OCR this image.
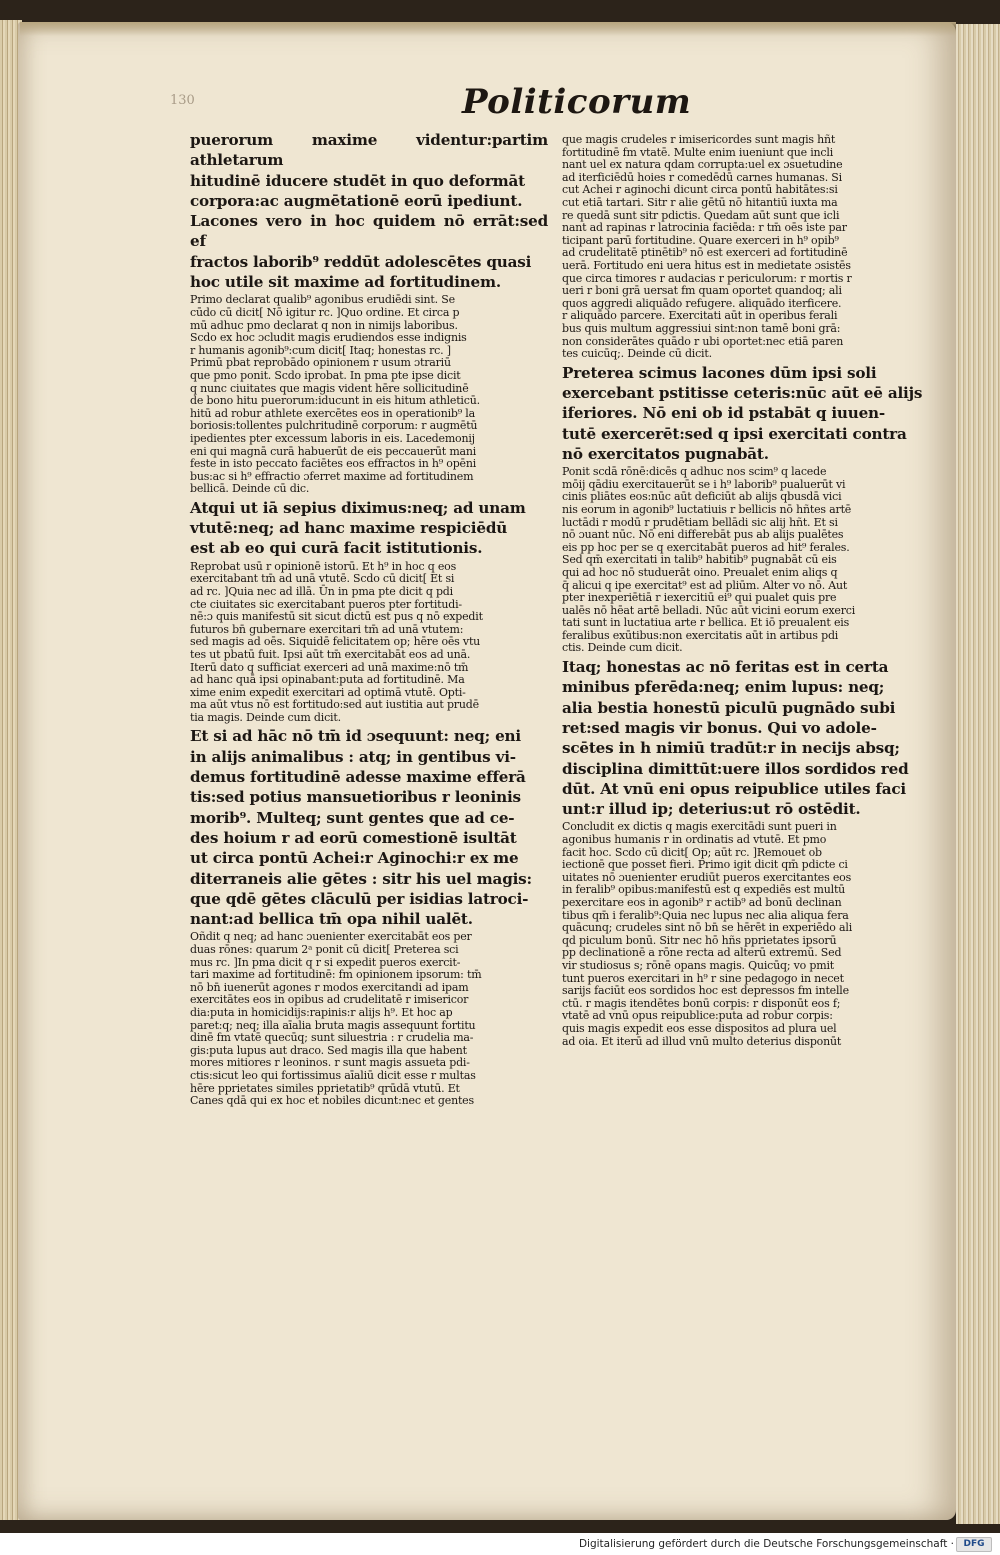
130	Politicorum

puerorum maxime videntur:partim athletarum
hitudinē iducere studēt in quo deformāt
corpora:ac augmētationē eorū ipediunt.
Lacones vero in hoc quidem nō errāt:sed ef
fractos laborib⁹ reddūt adolescētes quasi
hoc utile sit maxime ad fortitudinem.

Primo declarat qualib⁹ agonibus erudiēdi sint. Se
cūdo cū dicit[ Nō igitur rc. ]Quo ordine. Et circa p
mū adhuc pmo declarat q non in nimijs laboribus.
Scdo ex hoc ɔcludit magis erudiendos esse indignis
r humanis agonib⁹:cum dicit[ Itaq; honestas rc. ]
Primū pbat reprobādo opinionem r usum ɔtrariū
que pmo ponit. Scdo iprobat. In pma pte ipse dicit
q nunc ciuitates que magis vident hēre sollicitudinē
de bono hitu puerorum:iducunt in eis hitum athleticū.
hitū ad robur athlete exercētes eos in operationib⁹ la
boriosis:tollentes pulchritudinē corporum: r augmētū
ipedientes pter excessum laboris in eis. Lacedemonij
eni qui magnā curā habuerūt de eis peccauerūt mani
feste in isto peccato faciētes eos effractos in h⁹ opēni
bus:ac si h⁹ effractio ɔferret maxime ad fortitudinem
bellicā. Deinde cū dic.

Atqui ut iā sepius diximus:neq; ad unam
vtutē:neq; ad hanc maxime respiciēdū
est ab eo qui curā facit istitutionis.

Reprobat usū r opinionē istorū. Et h⁹ in hoc q eos
exercitabant tm̄ ad unā vtutē. Scdo cū dicit[ Et si
ad rc. ]Quia nec ad illā. Ūn in pma pte dicit q pdi
cte ciuitates sic exercitabant pueros pter fortitudi-
nē:ɔ quis manifestū sit sicut dictū est pus q nō expedit
futuros bn̄ gubernare exercitari tm̄ ad unā vtutem:
sed magis ad oēs. Siquidē felicitatem op; hēre oēs vtu
tes ut pbatū fuit. Ipsi aūt tm̄ exercitabāt eos ad unā.
Iterū dato q sufficiat exerceri ad unā maxime:nō tm̄
ad hanc quā ipsi opinabant:puta ad fortitudinē. Ma
xime enim expedit exercitari ad optimā vtutē. Opti-
ma aūt vtus nō est fortitudo:sed aut iustitia aut prudē
tia magis. Deinde cum dicit.

Et si ad hāc nō tm̄ id ɔsequunt: neq; eni
in alijs animalibus : atq; in gentibus vi-
demus fortitudinē adesse maxime efferā
tis:sed potius mansuetioribus r leoninis
morib⁹. Multeq; sunt gentes que ad ce-
des hoium r ad eorū comestionē isultāt
ut circa pontū Achei:r Aginochi:r ex me
diterraneis alie gētes : sitr his uel magis:
que qdē gētes clāculū per isidias latroci-
nant:ad bellica tm̄ opa nihil ualēt.

Oñdit q neq; ad hanc ɔuenienter exercitabāt eos per
duas rōnes: quarum 2ᵃ ponit cū dicit[ Preterea sci
mus rc. ]In pma dicit q r si expedit pueros exercit-
tari maxime ad fortitudinē: fm opinionem ipsorum: tm̄
nō bn̄ iuenerūt agones r modos exercitandi ad ipam
exercitātes eos in opibus ad crudelitatē r imisericor
dia:puta in homicidijs:rapinis:r alijs h⁹. Et hoc ap
paret:q; neq; illa aīalia bruta magis assequunt fortitu
dinē fm vtatē quecūq; sunt siluestria : r crudelia ma-
gis:puta lupus aut draco. Sed magis illa que habent
mores mitiores r leoninos. r sunt magis assueta pdi-
ctis:sicut leo qui fortissimus aīaliū dicit esse r multas
hēre pprietates similes pprietatib⁹ qrūdā vtutū. Et
Canes qdā qui ex hoc et nobiles dicunt:nec et gentes

que magis crudeles r imisericordes sunt magis hñt
fortitudinē fm vtatē. Multe enim iueniunt que incli
nant uel ex natura qdam corrupta:uel ex ɔsuetudine
ad iterficiēdū hoies r comedēdū carnes humanas. Si
cut Achei r aginochi dicunt circa pontū habitātes:si
cut etiā tartari. Sitr r alie gētū nō hitantiū iuxta ma
re quedā sunt sitr pdictis. Quedam aūt sunt que icli
nant ad rapinas r latrocinia faciēda: r tm̄ oēs iste par
ticipant parū fortitudine. Quare exerceri in h⁹ opib⁹
ad crudelitatē ptinētib⁹ nō est exerceri ad fortitudinē
uerā. Fortitudo eni uera hitus est in medietate ɔsistēs
que circa timores r audacias r periculorum: r mortis r
ueri r boni grā uersat fm quam oportet quandoq; ali
quos aggredi aliquādo refugere. aliquādo iterficere.
r aliquādo parcere. Exercitati aūt in operibus ferali
bus quis multum aggressiui sint:non tamē boni grā:
non considerātes quādo r ubi oportet:nec etiā paren
tes cuicūq;. Deinde cū dicit.

Preterea scimus lacones dūm ipsi soli
exercebant pstitisse ceteris:nūc aūt eē alijs
iferiores. Nō eni ob id pstabāt q iuuen-
tutē exercerēt:sed q ipsi exercitati contra
nō exercitatos pugnabāt.

Ponit scdā rōnē:dicēs q adhuc nos scim⁹ q lacede
mōij qādiu exercitauerūt se i h⁹ laborib⁹ pualuerūt vi
cinis pliātes eos:nūc aūt deficiūt ab alijs qbusdā vici
nis eorum in agonib⁹ luctatiuis r bellicis nō hñtes artē
luctādi r modū r prudētiam bellādi sic alij hñt. Et si
nō ɔuant nūc. Nō eni differebāt pus ab alijs pualētes
eis pp hoc per se q exercitabāt pueros ad hit⁹ ferales.
Sed qm̄ exercitati in talib⁹ habitib⁹ pugnabāt cū eis
qui ad hoc nō studuerāt oino. Preualet enim aliqs q
q̄ alicui q ipe exercitat⁹ est ad pliūm. Alter vo nō. Aut
pter inexperiētiā r iexercitiū ei⁹ qui pualet quis pre
ualēs nō hēat artē belladi. Nūc aūt vicini eorum exerci
tati sunt in luctatiua arte r bellica. Et iō preualent eis
feralibus exūtibus:non exercitatis aūt in artibus pdi
ctis. Deinde cum dicit.

Itaq; honestas ac nō feritas est in certa
minibus pferēda:neq; enim lupus: neq;
alia bestia honestū piculū pugnādo subi
ret:sed magis vir bonus. Qui vo adole-
scētes in h nimiū tradūt:r in necijs absq;
disciplina dimittūt:uere illos sordidos red
dūt. At vnū eni opus reipublice utiles faci
unt:r illud ip; deterius:ut rō ostēdit.

Concludit ex dictis q magis exercitādi sunt pueri in
agonibus humanis r in ordinatis ad vtutē. Et pmo
facit hoc. Scdo cū dicit[ Op; aūt rc. ]Remouet ob
iectionē que posset fieri. Primo igit dicit qm̄ pdicte ci
uitates nō ɔuenienter erudiūt pueros exercitantes eos
in feralib⁹ opibus:manifestū est q expediēs est multū
pexercitare eos in agonib⁹ r actib⁹ ad bonū declinan
tibus qm̄ i feralib⁹:Quia nec lupus nec alia aliqua fera
quācunq; crudeles sint nō bn̄ se hērēt in experiēdo ali
qd piculum bonū. Sitr nec hō hñs pprietates ipsorū
pp declinationē a rōne recta ad alterū extremū. Sed
vir studiosus s; rōnē opans magis. Quicūq; vo pmit
tunt pueros exercitari in h⁹ r sine pedagogo in necet
sarijs faciūt eos sordidos hoc est depressos fm intelle
ctū. r magis itendētes bonū corpis: r disponūt eos f;
vtatē ad vnū opus reipublice:puta ad robur corpis:
quis magis expedit eos esse dispositos ad plura uel
ad oia. Et iterū ad illud vnū multo deterius disponūt

Digitalisierung gefördert durch die Deutsche Forschungsgemeinschaft ·	DFG
